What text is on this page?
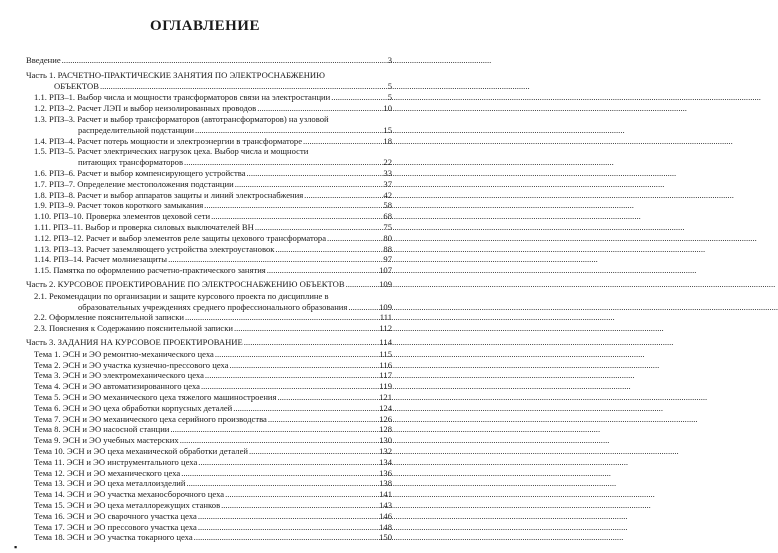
ОГЛАВЛЕНИЕ
Введение .....	3
Часть 1. РАСЧЕТНО-ПРАКТИЧЕСКИЕ ЗАНЯТИЯ ПО ЭЛЕКТРОСНАБЖЕНИЮ
ОБЪЕКТОВ .....	5
1.1. РПЗ–1. Выбор числа и мощности трансформаторов связи на электростанции .....	5
1.2. РПЗ–2. Расчет ЛЭП и выбор неизолированных проводов .....	10
1.3. РПЗ–3. Расчет и выбор трансформаторов (автотрансформаторов) на узловой
распределительной подстанции .....	15
1.4. РПЗ–4. Расчет потерь мощности и электроэнергии в трансформаторе .....	18
1.5. РПЗ–5. Расчет электрических нагрузок цеха. Выбор числа и мощности
питающих трансформаторов .....	22
1.6. РПЗ–6. Расчет и выбор компенсирующего устройства .....	33
1.7. РПЗ–7. Определение местоположения подстанции .....	37
1.8. РПЗ–8. Расчет и выбор аппаратов защиты и линий электроснабжения .....	42
1.9. РПЗ–9. Расчет токов короткого замыкания .....	58
1.10. РПЗ–10. Проверка элементов цеховой сети .....	68
1.11. РПЗ–11. Выбор и проверка силовых выключателей ВН .....	75
1.12. РПЗ–12. Расчет и выбор элементов реле защиты цехового трансформатора .....	80
1.13. РПЗ–13. Расчет заземляющего устройства электроустановок .....	88
1.14. РПЗ–14. Расчет молниезащиты .....	97
1.15. Памятка по оформлению расчетно-практического занятия .....	107
Часть 2. КУРСОВОЕ ПРОЕКТИРОВАНИЕ ПО ЭЛЕКТРОСНАБЖЕНИЮ ОБЪЕКТОВ .....	109
2.1. Рекомендации по организации и защите курсового проекта по дисциплине в
образовательных учреждениях среднего профессионального образования .....	109
2.2. Оформление пояснительной записки .....	111
2.3. Пояснения к Содержанию пояснительной записки .....	112
Часть 3. ЗАДАНИЯ НА КУРСОВОЕ ПРОЕКТИРОВАНИЕ .....	114
Тема 1. ЭСН и ЭО ремонтно-механического цеха .....	115
Тема 2. ЭСН и ЭО участка кузнечно-прессового цеха .....	116
Тема 3. ЭСН и ЭО электромеханического цеха .....	117
Тема 4. ЭСН и ЭО автоматизированного цеха .....	119
Тема 5. ЭСН и ЭО механического цеха тяжелого машиностроения .....	121
Тема 6. ЭСН и ЭО цеха обработки корпусных деталей .....	124
Тема 7. ЭСН и ЭО механического цеха серийного производства .....	126
Тема 8. ЭСН и ЭО насосной станции .....	128
Тема 9. ЭСН и ЭО учебных мастерских .....	130
Тема 10. ЭСН и ЭО цеха механической обработки деталей .....	132
Тема 11. ЭСН и ЭО инструментального цеха .....	134
Тема 12. ЭСН и ЭО механического цеха .....	136
Тема 13. ЭСН и ЭО цеха металлоизделий .....	138
Тема 14. ЭСН и ЭО участка механосборочного цеха .....	141
Тема 15. ЭСН и ЭО цеха металлорежущих станков .....	143
Тема 16. ЭСН и ЭО сварочного участка цеха .....	146
Тема 17. ЭСН и ЭО прессового участка цеха .....	148
Тема 18. ЭСН и ЭО участка токарного цеха .....	150
▪
